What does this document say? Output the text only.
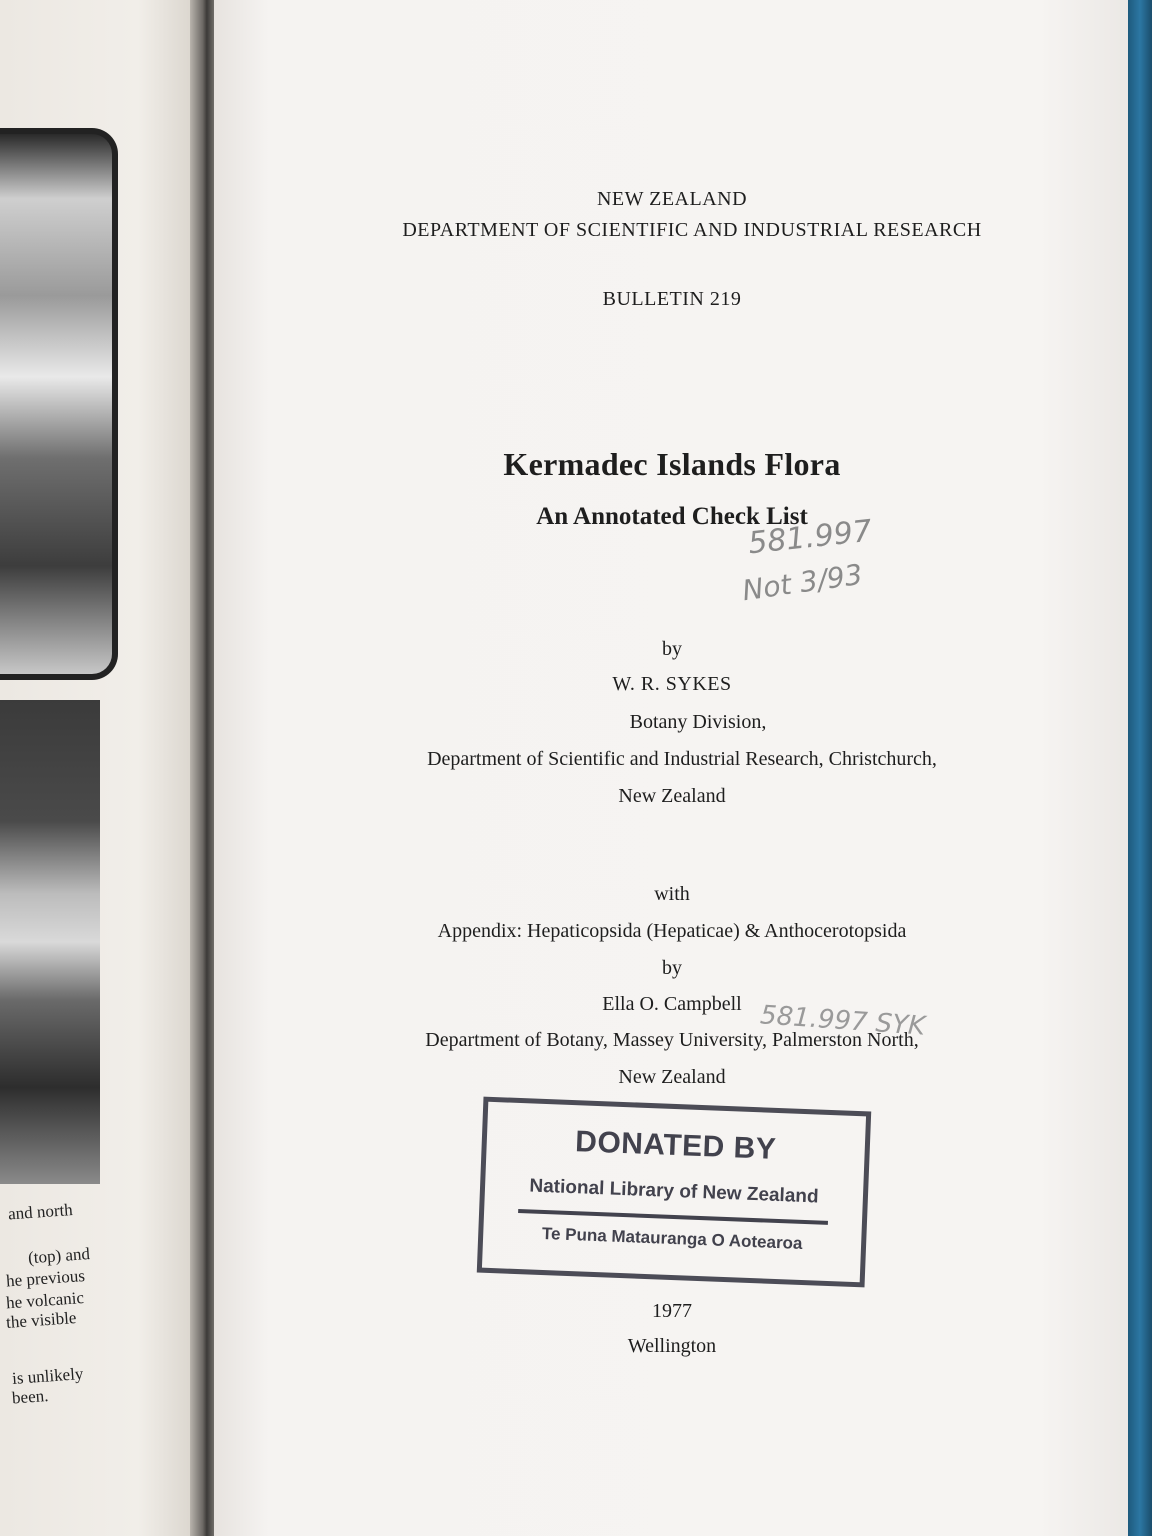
and north
(top) and
he previous
he volcanic
the visible
is unlikely
been.
NEW ZEALAND
DEPARTMENT OF SCIENTIFIC AND INDUSTRIAL RESEARCH
BULLETIN 219
Kermadec Islands Flora
An Annotated Check List
by
W. R. SYKES
Botany Division,
Department of Scientific and Industrial Research, Christchurch,
New Zealand
with
Appendix: Hepaticopsida (Hepaticae) & Anthocerotopsida
by
Ella O. Campbell
Department of Botany, Massey University, Palmerston North,
New Zealand
1977
Wellington
581.997
Not 3/93
581.997 SYK
DONATED BY
National Library of New Zealand
Te Puna Matauranga O Aotearoa
